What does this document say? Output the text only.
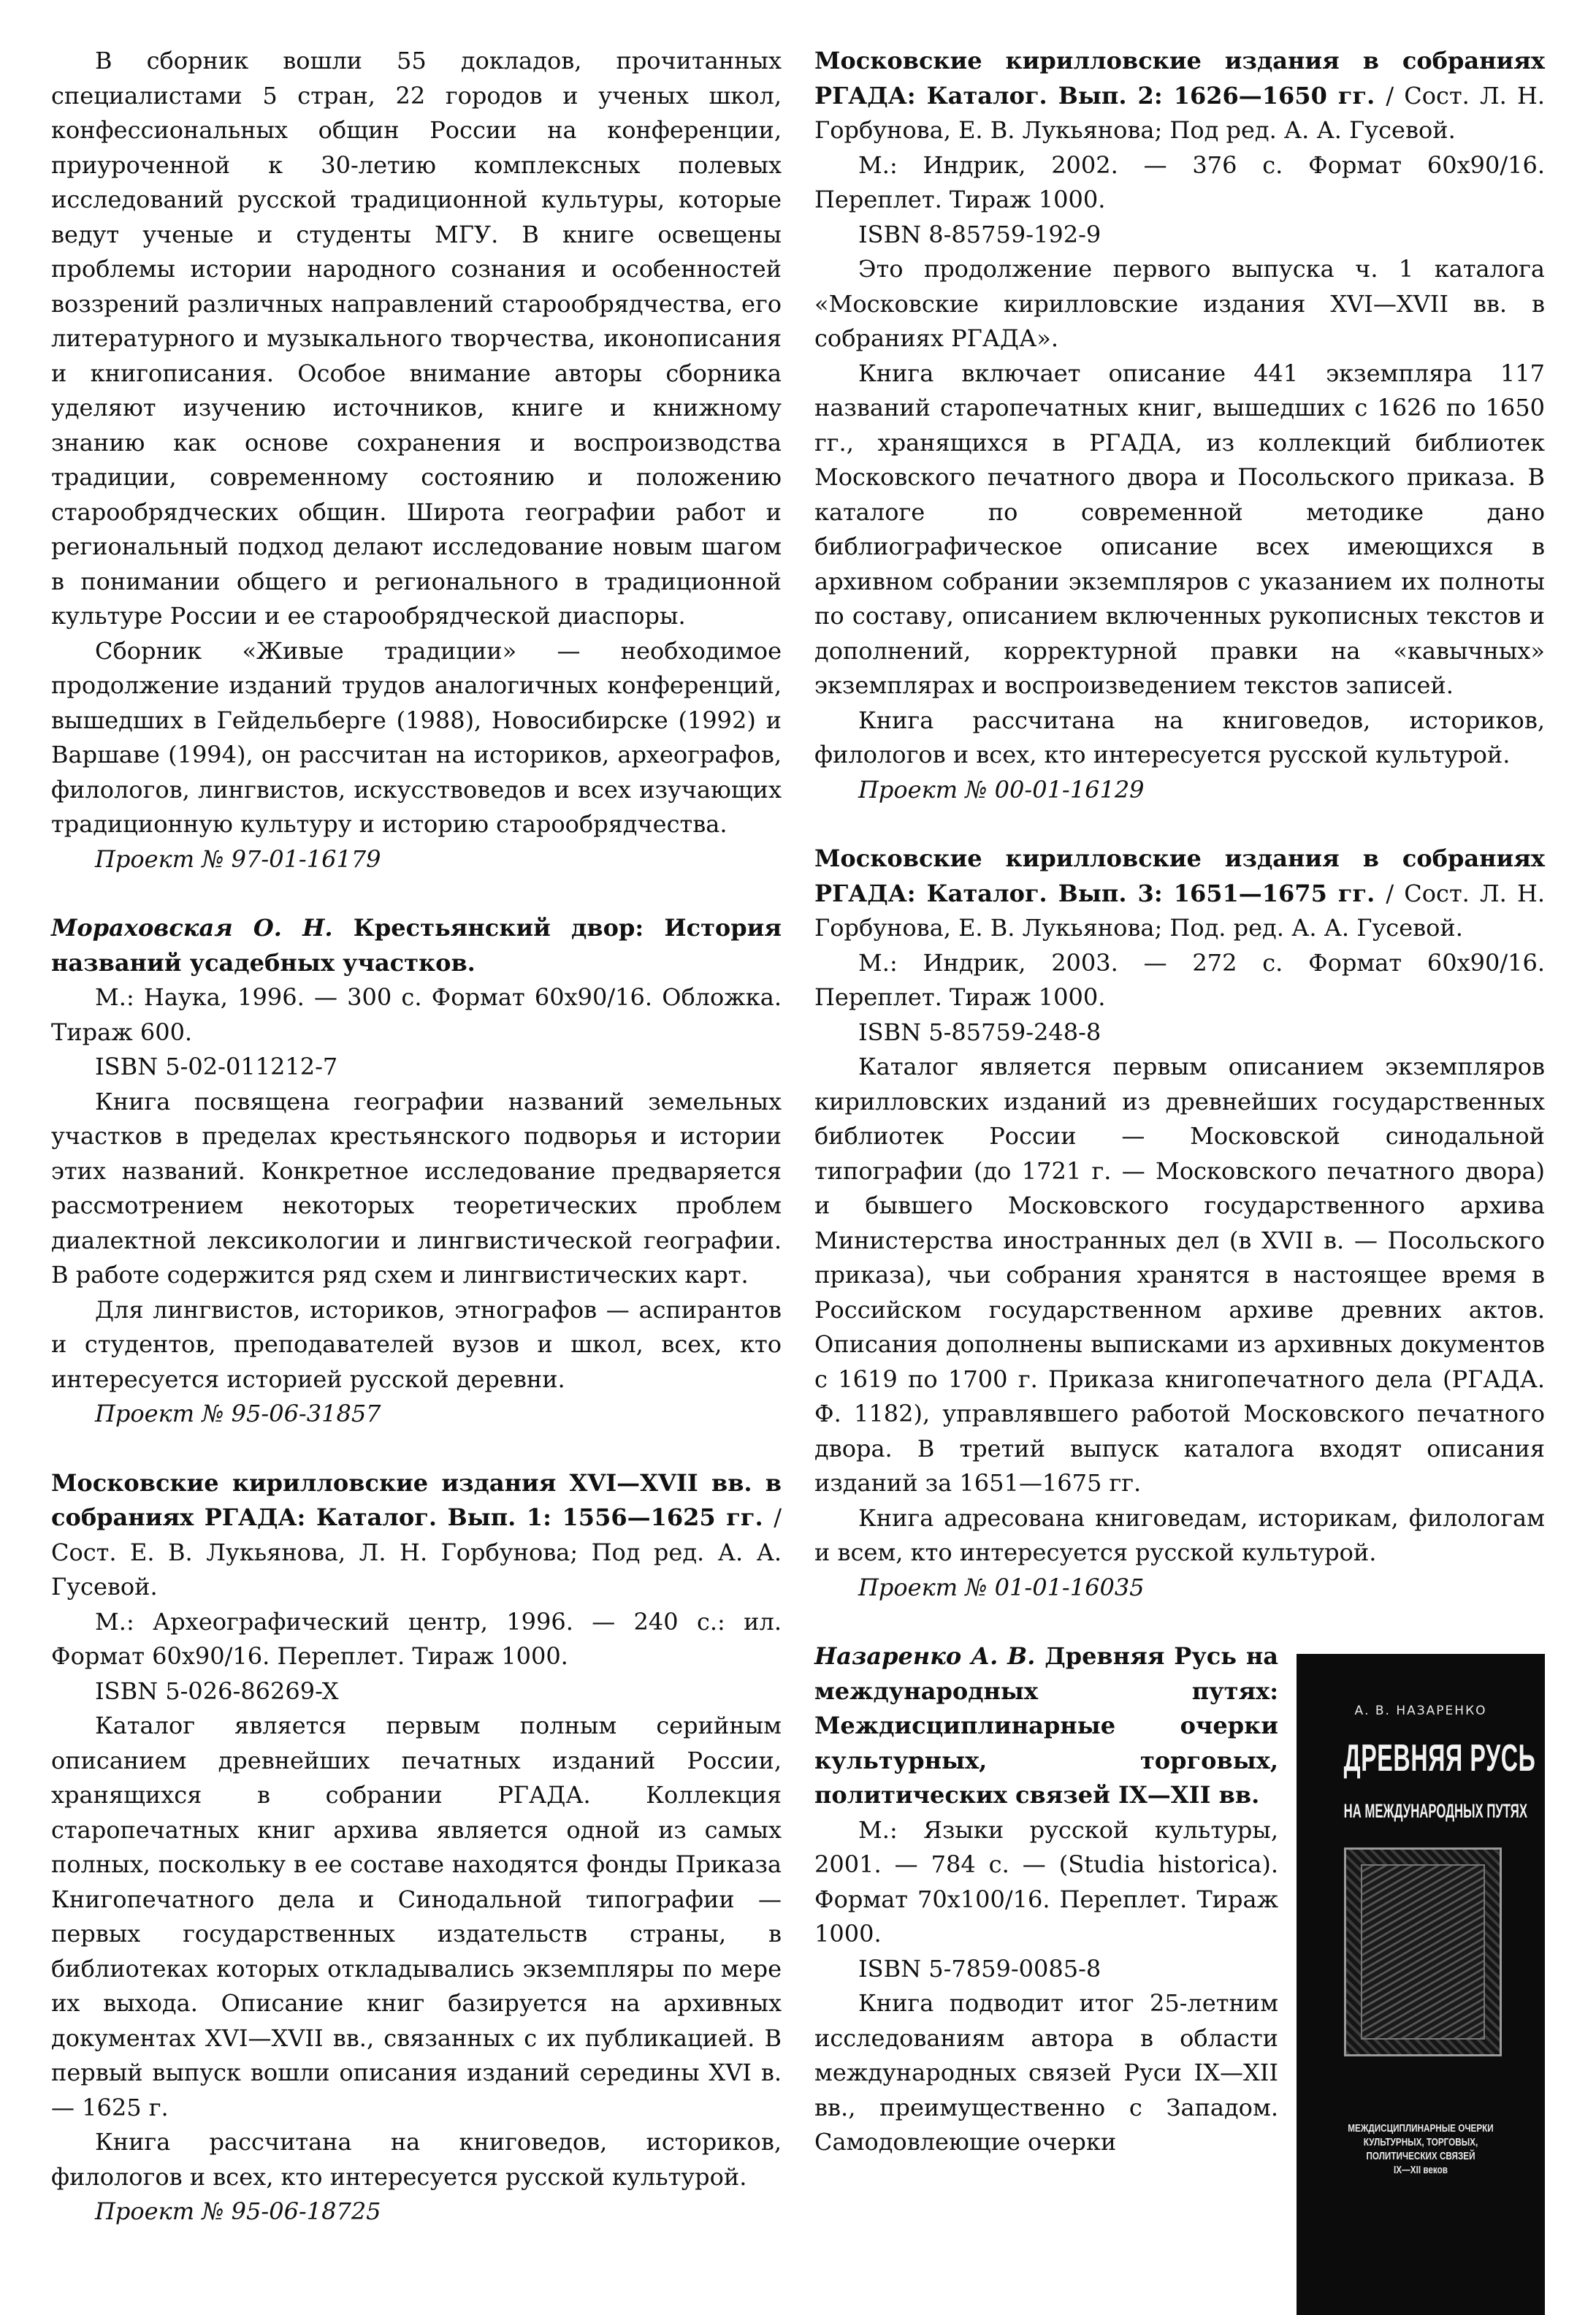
В сборник вошли 55 докладов, прочитанных специалистами 5 стран, 22 городов и ученых школ, конфессиональных общин России на конференции, приуроченной к 30-летию комплексных полевых исследований русской традиционной культуры, которые ведут ученые и студенты МГУ. В книге освещены проблемы истории народного сознания и особенностей воззрений различных направлений старообрядчества, его литературного и музыкального творчества, иконописания и книгописания. Особое внимание авторы сборника уделяют изучению источников, книге и книжному знанию как основе сохранения и воспроизводства традиции, современному состоянию и положению старообрядческих общин. Широта географии работ и региональный подход делают исследование новым шагом в понимании общего и регионального в традиционной культуре России и ее старообрядческой диаспоры.

Сборник «Живые традиции» — необходимое продолжение изданий трудов аналогичных конференций, вышедших в Гейдельберге (1988), Новосибирске (1992) и Варшаве (1994), он рассчитан на историков, археографов, филологов, лингвистов, искусствоведов и всех изучающих традиционную культуру и историю старообрядчества.

Проект № 97-01-16179

Мораховская О. Н. Крестьянский двор: История названий усадебных участков.

М.: Наука, 1996. — 300 с. Формат 60x90/16. Обложка. Тираж 600.

ISBN 5-02-011212-7

Книга посвящена географии названий земельных участков в пределах крестьянского подворья и истории этих названий. Конкретное исследование предваряется рассмотрением некоторых теоретических проблем диалектной лексикологии и лингвистической географии. В работе содержится ряд схем и лингвистических карт.

Для лингвистов, историков, этнографов — аспирантов и студентов, преподавателей вузов и школ, всех, кто интересуется историей русской деревни.

Проект № 95-06-31857

Московские кирилловские издания XVI—XVII вв. в собраниях РГАДА: Каталог. Вып. 1: 1556—1625 гг. / Сост. Е. В. Лукьянова, Л. Н. Горбунова; Под ред. А. А. Гусевой.

М.: Археографический центр, 1996. — 240 с.: ил. Формат 60x90/16. Переплет. Тираж 1000.

ISBN 5-026-86269-X

Каталог является первым полным серийным описанием древнейших печатных изданий России, хранящихся в собрании РГАДА. Коллекция старопечатных книг архива является одной из самых полных, поскольку в ее составе находятся фонды Приказа Книгопечатного дела и Синодальной типографии — первых государственных издательств страны, в библиотеках которых откладывались экземпляры по мере их выхода. Описание книг базируется на архивных документах XVI—XVII вв., связанных с их публикацией. В первый выпуск вошли описания изданий середины XVI в. — 1625 г.

Книга рассчитана на книговедов, историков, филологов и всех, кто интересуется русской культурой.

Проект № 95-06-18725

Московские кирилловские издания в собраниях РГАДА: Каталог. Вып. 2: 1626—1650 гг. / Сост. Л. Н. Горбунова, Е. В. Лукьянова; Под ред. А. А. Гусевой.

М.: Индрик, 2002. — 376 с. Формат 60x90/16. Переплет. Тираж 1000.

ISBN 8-85759-192-9

Это продолжение первого выпуска ч. 1 каталога «Московские кирилловские издания XVI—XVII вв. в собраниях РГАДА».

Книга включает описание 441 экземпляра 117 названий старопечатных книг, вышедших с 1626 по 1650 гг., хранящихся в РГАДА, из коллекций библиотек Московского печатного двора и Посольского приказа. В каталоге по современной методике дано библиографическое описание всех имеющихся в архивном собрании экземпляров с указанием их полноты по составу, описанием включенных рукописных текстов и дополнений, корректурной правки на «кавычных» экземплярах и воспроизведением текстов записей.

Книга рассчитана на книговедов, историков, филологов и всех, кто интересуется русской культурой.

Проект № 00-01-16129

Московские кирилловские издания в собраниях РГАДА: Каталог. Вып. 3: 1651—1675 гг. / Сост. Л. Н. Горбунова, Е. В. Лукьянова; Под. ред. А. А. Гусевой.

М.: Индрик, 2003. — 272 с. Формат 60x90/16. Переплет. Тираж 1000.

ISBN 5-85759-248-8

Каталог является первым описанием экземпляров кирилловских изданий из древнейших государственных библиотек России — Московской синодальной типографии (до 1721 г. — Московского печатного двора) и бывшего Московского государственного архива Министерства иностранных дел (в XVII в. — Посольского приказа), чьи собрания хранятся в настоящее время в Российском государственном архиве древних актов. Описания дополнены выписками из архивных документов с 1619 по 1700 г. Приказа книгопечатного дела (РГАДА. Ф. 1182), управлявшего работой Московского печатного двора. В третий выпуск каталога входят описания изданий за 1651—1675 гг.

Книга адресована книговедам, историкам, филологам и всем, кто интересуется русской культурой.

Проект № 01-01-16035

А. В. НАЗАРЕНКО
ДРЕВНЯЯ РУСЬ
НА МЕЖДУНАРОДНЫХ ПУТЯХ
МЕЖДИСЦИПЛИНАРНЫЕ ОЧЕРКИ
КУЛЬТУРНЫХ, ТОРГОВЫХ,
ПОЛИТИЧЕСКИХ СВЯЗЕЙ
IX—XII веков

Назаренко А. В. Древняя Русь на международных путях: Междисциплинарные очерки культурных, торговых, политических связей IX—XII вв.

М.: Языки русской культуры, 2001. — 784 с. — (Studia historica). Формат 70x100/16. Переплет. Тираж 1000.

ISBN 5-7859-0085-8

Книга подводит итог 25-летним исследованиям автора в области международных связей Руси IX—XII вв., преимущественно с Западом. Самодовлеющие очерки
